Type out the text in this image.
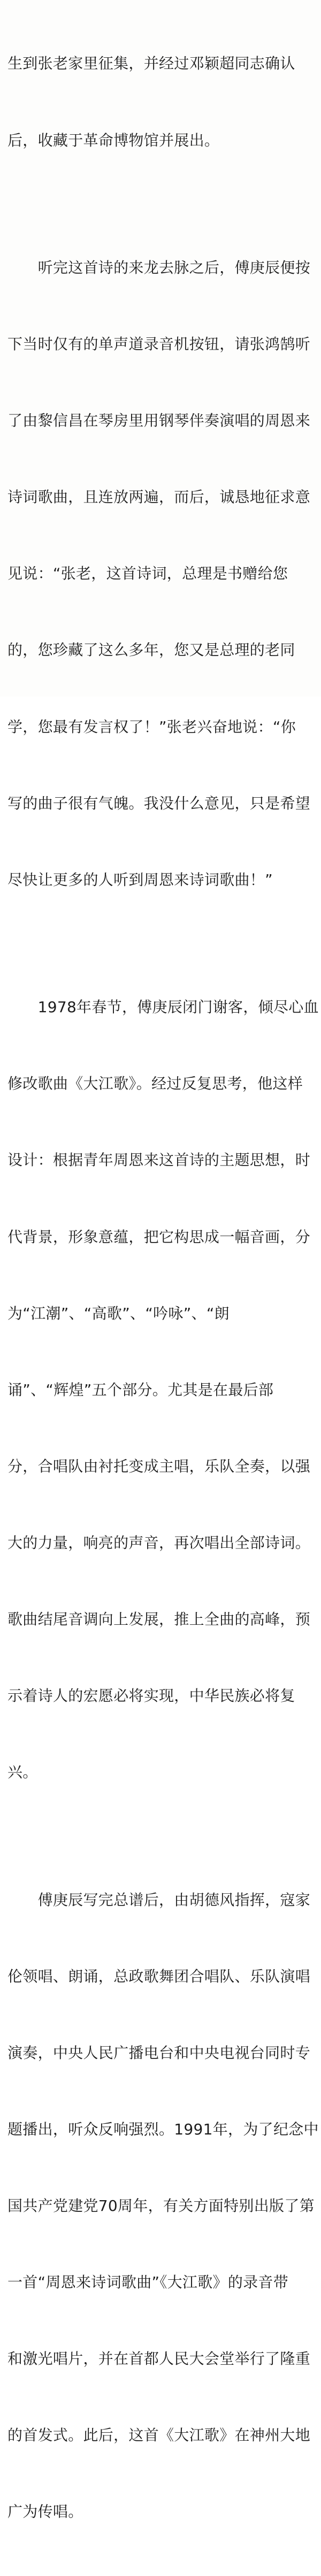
生到张老家里征集，并经过邓颖超同志确认

后，收藏于革命博物馆并展出。

　　听完这首诗的来龙去脉之后，傅庚辰便按

下当时仅有的单声道录音机按钮，请张鸿鹄听

了由黎信昌在琴房里用钢琴伴奏演唱的周恩来

诗词歌曲，且连放两遍，而后，诚恳地征求意

见说：“张老，这首诗词，总理是书赠给您

的，您珍藏了这么多年，您又是总理的老同

学，您最有发言权了！”张老兴奋地说：“你

写的曲子很有气魄。我没什么意见，只是希望

尽快让更多的人听到周恩来诗词歌曲！”

　　1978年春节，傅庚辰闭门谢客，倾尽心血

修改歌曲《大江歌》。经过反复思考，他这样

设计：根据青年周恩来这首诗的主题思想，时

代背景，形象意蕴，把它构思成一幅音画，分

为“江潮”、“高歌”、“吟咏”、“朗

诵”、“辉煌”五个部分。尤其是在最后部

分，合唱队由衬托变成主唱，乐队全奏，以强

大的力量，响亮的声音，再次唱出全部诗词。

歌曲结尾音调向上发展，推上全曲的高峰，预

示着诗人的宏愿必将实现，中华民族必将复

兴。

　　傅庚辰写完总谱后，由胡德风指挥，寇家

伦领唱、朗诵，总政歌舞团合唱队、乐队演唱

演奏，中央人民广播电台和中央电视台同时专

题播出，听众反响强烈。1991年，为了纪念中

国共产党建党70周年，有关方面特别出版了第

一首“周恩来诗词歌曲”《大江歌》的录音带

和激光唱片，并在首都人民大会堂举行了隆重

的首发式。此后，这首《大江歌》在神州大地

广为传唱。
